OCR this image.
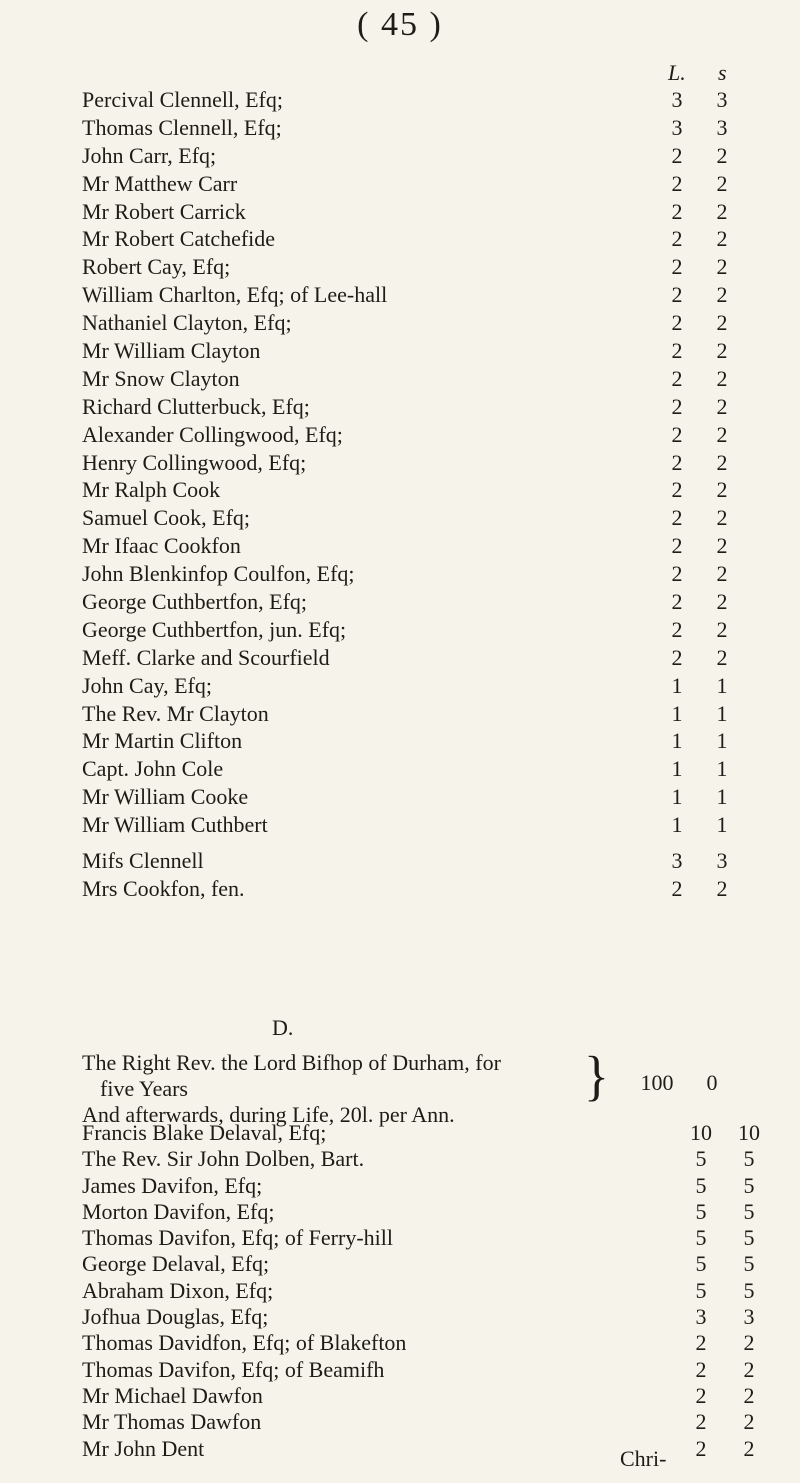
( 45 )
L. s
Percival Clennell, Efq;	3	3
Thomas Clennell, Efq;	3	3
John Carr, Efq;	2	2
Mr Matthew Carr	2	2
Mr Robert Carrick	2	2
Mr Robert Catchefide	2	2
Robert Cay, Efq;	2	2
William Charlton, Efq; of Lee-hall	2	2
Nathaniel Clayton, Efq;	2	2
Mr William Clayton	2	2
Mr Snow Clayton	2	2
Richard Clutterbuck, Efq;	2	2
Alexander Collingwood, Efq;	2	2
Henry Collingwood, Efq;	2	2
Mr Ralph Cook	2	2
Samuel Cook, Efq;	2	2
Mr Ifaac Cookfon	2	2
John Blenkinfop Coulfon, Efq;	2	2
George Cuthbertfon, Efq;	2	2
George Cuthbertfon, jun. Efq;	2	2
Meff. Clarke and Scourfield	2	2
John Cay, Efq;	1	1
The Rev. Mr Clayton	1	1
Mr Martin Clifton	1	1
Capt. John Cole	1	1
Mr William Cooke	1	1
Mr William Cuthbert	1	1
Mifs Clennell	3	3
Mrs Cookfon, fen.	2	2
D.
The Right Rev. the Lord Bifhop of Durham, for
five Years
And afterwards, during Life, 20l. per Ann.
}	100	0
Francis Blake Delaval, Efq;	10 10
The Rev. Sir John Dolben, Bart.	5	5
James Davifon, Efq;	5	5
Morton Davifon, Efq;	5	5
Thomas Davifon, Efq; of Ferry-hill	5	5
George Delaval, Efq;	5	5
Abraham Dixon, Efq;	5	5
Jofhua Douglas, Efq;	3	3
Thomas Davidfon, Efq; of Blakefton	2	2
Thomas Davifon, Efq; of Beamifh	2	2
Mr Michael Dawfon	2	2
Mr Thomas Dawfon	2	2
Mr John Dent	2	2
Chri-
